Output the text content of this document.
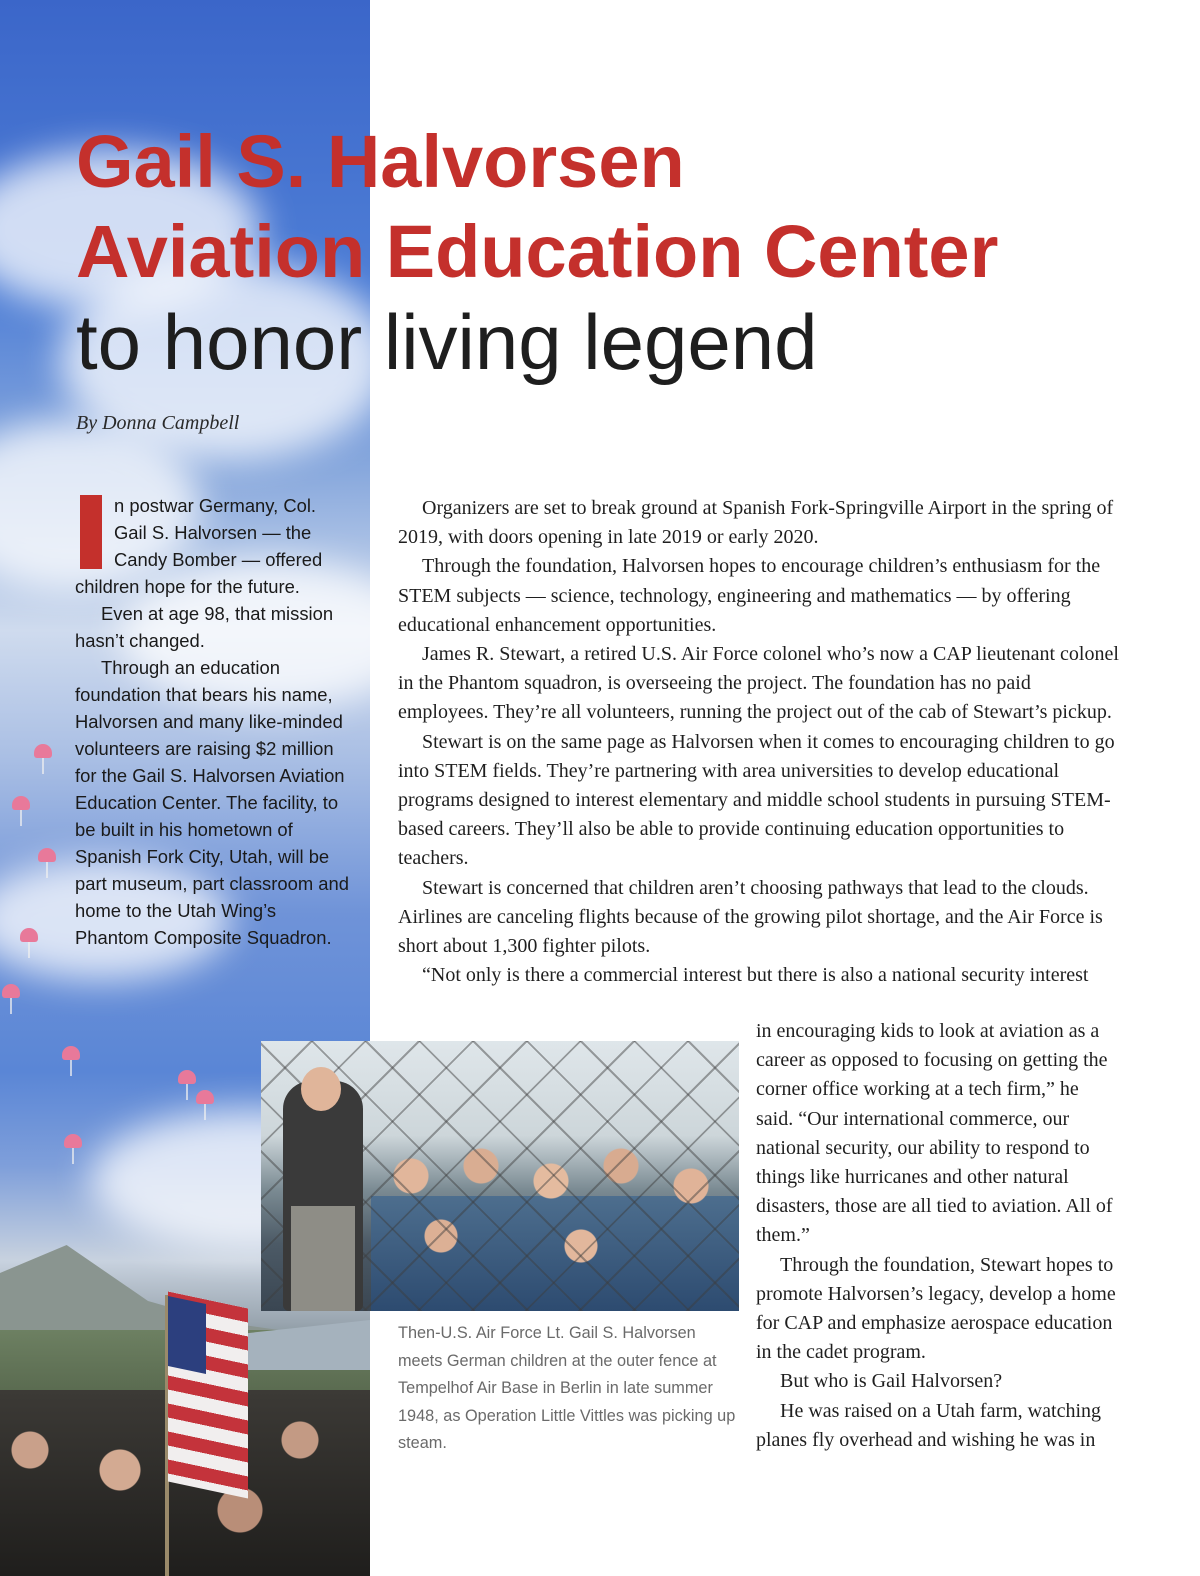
Gail S. Halvorsen
Aviation Education Center
to honor living legend
By Donna Campbell

n postwar Germany, Col. Gail S. Halvorsen — the Candy Bomber — offered children hope for the future.

Even at age 98, that mission hasn’t changed.

Through an education foundation that bears his name, Halvorsen and many like-minded volunteers are raising $2 million for the Gail S. Halvorsen Aviation Education Center. The facility, to be built in his hometown of Spanish Fork City, Utah, will be part museum, part classroom and home to the Utah Wing’s Phantom Composite Squadron.

Organizers are set to break ground at Spanish Fork-Springville Airport in the spring of 2019, with doors opening in late 2019 or early 2020.

Through the foundation, Halvorsen hopes to encourage children’s enthusiasm for the STEM subjects — science, technology, engineering and mathematics — by offering educational enhancement opportunities.

James R. Stewart, a retired U.S. Air Force colonel who’s now a CAP lieutenant colonel in the Phantom squadron, is overseeing the project. The foundation has no paid employees. They’re all volunteers, running the project out of the cab of Stewart’s pickup.

Stewart is on the same page as Halvorsen when it comes to encouraging children to go into STEM fields. They’re partnering with area universities to develop educational programs designed to interest elementary and middle school students in pursuing STEM-based careers. They’ll also be able to provide continuing education opportunities to teachers.

Stewart is concerned that children aren’t choosing pathways that lead to the clouds. Airlines are canceling flights because of the growing pilot shortage, and the Air Force is short about 1,300 fighter pilots.

“Not only is there a commercial interest but there is also a national security interest

in encouraging kids to look at aviation as a career as opposed to focusing on getting the corner office working at a tech firm,” he said. “Our international commerce, our national security, our ability to respond to things like hurricanes and other natural disasters, those are all tied to aviation. All of them.”

Through the foundation, Stewart hopes to promote Halvorsen’s legacy, develop a home for CAP and emphasize aerospace education in the cadet program.

But who is Gail Halvorsen?

He was raised on a Utah farm, watching planes fly overhead and wishing he was in

Then-U.S. Air Force Lt. Gail S. Halvorsen meets German children at the outer fence at Tempelhof Air Base in Berlin in late summer 1948, as Operation Little Vittles was picking up steam.
